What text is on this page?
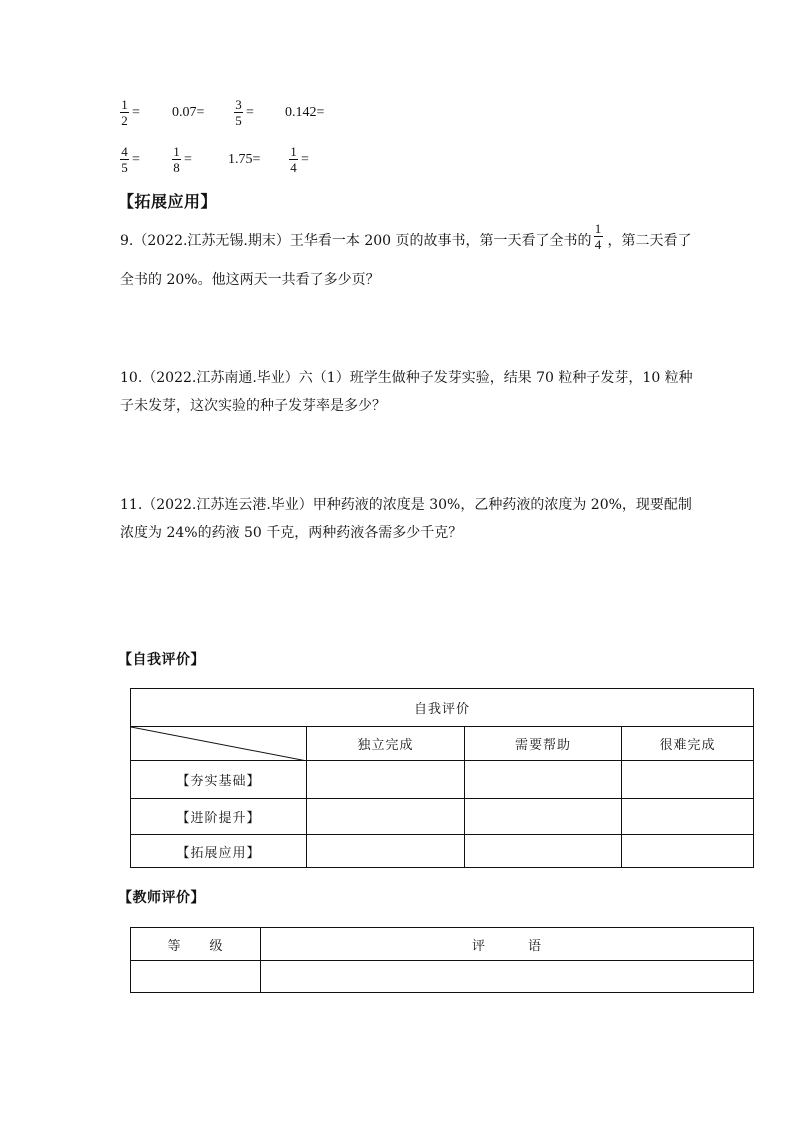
1
2
= 0.07=
3
5
= 0.142=
4
5
=
1
8
=	1.75=
1
4
=
【拓展应用】
9.（2022.江苏无锡.期末）王华看一本 200 页的故事书，第一天看了全书的
1
4 ，第二天看了
全书的 20%。他这两天一共看了多少页？
10.（2022.江苏南通.毕业）六（1）班学生做种子发芽实验，结果 70 粒种子发芽，10 粒种
子未发芽，这次实验的种子发芽率是多少？
11.（2022.江苏连云港.毕业）甲种药液的浓度是 30%，乙种药液的浓度为 20%，现要配制
浓度为 24%的药液 50 千克，两种药液各需多少千克？
【自我评价】
自我评价			

	独立完成	需要帮助	很难完成
【夯实基础】			
【进阶提升】			
【拓展应用】			
【教师评价】
等　　级	评　　　语
